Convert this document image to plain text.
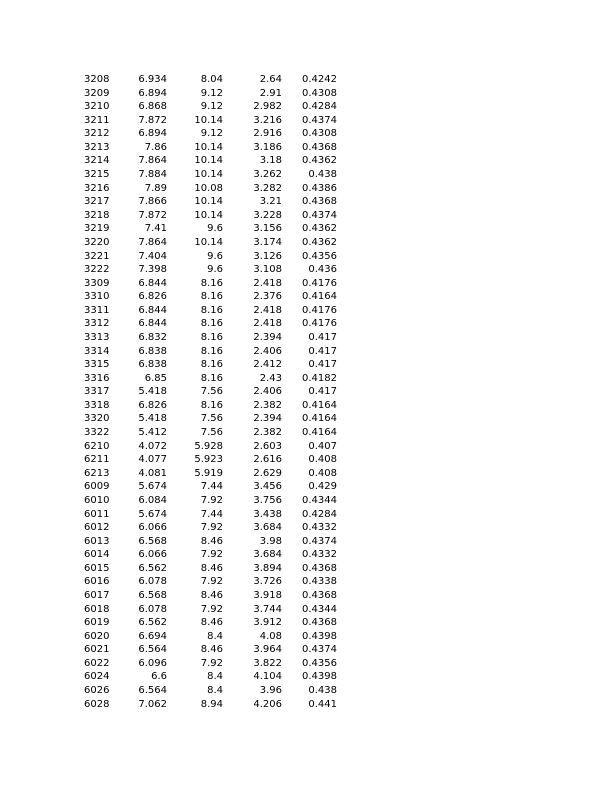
3208	6.934	8.04	2.64	0.4242
3209	6.894	9.12	2.91	0.4308
3210	6.868	9.12	2.982	0.4284
3211	7.872	10.14	3.216	0.4374
3212	6.894	9.12	2.916	0.4308
3213	7.86	10.14	3.186	0.4368
3214	7.864	10.14	3.18	0.4362
3215	7.884	10.14	3.262	0.438
3216	7.89	10.08	3.282	0.4386
3217	7.866	10.14	3.21	0.4368
3218	7.872	10.14	3.228	0.4374
3219	7.41	9.6	3.156	0.4362
3220	7.864	10.14	3.174	0.4362
3221	7.404	9.6	3.126	0.4356
3222	7.398	9.6	3.108	0.436
3309	6.844	8.16	2.418	0.4176
3310	6.826	8.16	2.376	0.4164
3311	6.844	8.16	2.418	0.4176
3312	6.844	8.16	2.418	0.4176
3313	6.832	8.16	2.394	0.417
3314	6.838	8.16	2.406	0.417
3315	6.838	8.16	2.412	0.417
3316	6.85	8.16	2.43	0.4182
3317	5.418	7.56	2.406	0.417
3318	6.826	8.16	2.382	0.4164
3320	5.418	7.56	2.394	0.4164
3322	5.412	7.56	2.382	0.4164
6210	4.072	5.928	2.603	0.407
6211	4.077	5.923	2.616	0.408
6213	4.081	5.919	2.629	0.408
6009	5.674	7.44	3.456	0.429
6010	6.084	7.92	3.756	0.4344
6011	5.674	7.44	3.438	0.4284
6012	6.066	7.92	3.684	0.4332
6013	6.568	8.46	3.98	0.4374
6014	6.066	7.92	3.684	0.4332
6015	6.562	8.46	3.894	0.4368
6016	6.078	7.92	3.726	0.4338
6017	6.568	8.46	3.918	0.4368
6018	6.078	7.92	3.744	0.4344
6019	6.562	8.46	3.912	0.4368
6020	6.694	8.4	4.08	0.4398
6021	6.564	8.46	3.964	0.4374
6022	6.096	7.92	3.822	0.4356
6024	6.6	8.4	4.104	0.4398
6026	6.564	8.4	3.96	0.438
6028	7.062	8.94	4.206	0.441
